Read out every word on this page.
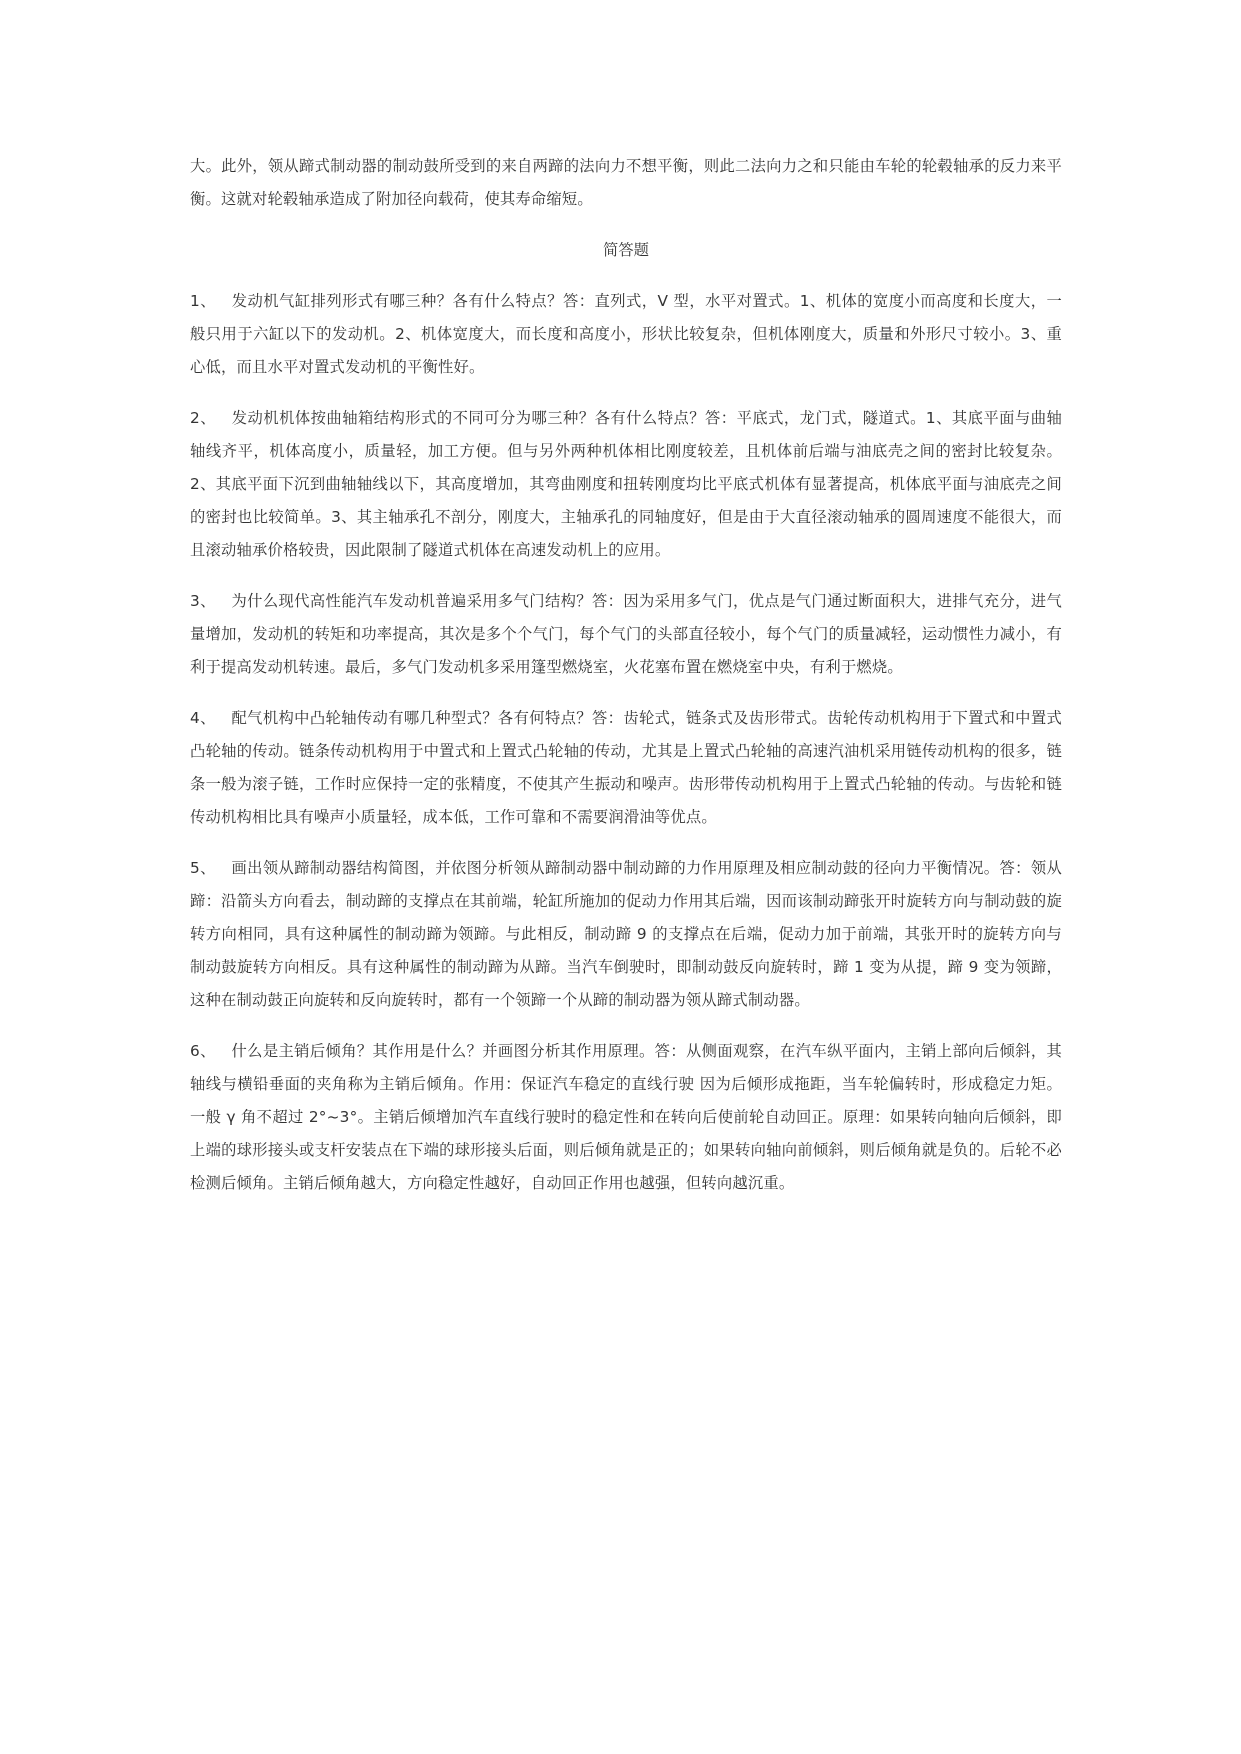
大。此外，领从蹄式制动器的制动鼓所受到的来自两蹄的法向力不想平衡，则此二法向力之和只能由车轮的轮毂轴承的反力来平衡。这就对轮毂轴承造成了附加径向载荷，使其寿命缩短。

简答题

1、  发动机气缸排列形式有哪三种？各有什么特点？答：直列式，V 型，水平对置式。1、机体的宽度小而高度和长度大，一般只用于六缸以下的发动机。2、机体宽度大，而长度和高度小，形状比较复杂，但机体刚度大，质量和外形尺寸较小。3、重心低，而且水平对置式发动机的平衡性好。

2、  发动机机体按曲轴箱结构形式的不同可分为哪三种？各有什么特点？答：平底式，龙门式，隧道式。1、其底平面与曲轴轴线齐平，机体高度小，质量轻，加工方便。但与另外两种机体相比刚度较差，且机体前后端与油底壳之间的密封比较复杂。2、其底平面下沉到曲轴轴线以下，其高度增加，其弯曲刚度和扭转刚度均比平底式机体有显著提高，机体底平面与油底壳之间的密封也比较简单。3、其主轴承孔不剖分，刚度大，主轴承孔的同轴度好，但是由于大直径滚动轴承的圆周速度不能很大，而且滚动轴承价格较贵，因此限制了隧道式机体在高速发动机上的应用。

3、  为什么现代高性能汽车发动机普遍采用多气门结构？答：因为采用多气门，优点是气门通过断面积大，进排气充分，进气量增加，发动机的转矩和功率提高，其次是多个个气门，每个气门的头部直径较小，每个气门的质量减轻，运动惯性力减小，有利于提高发动机转速。最后，多气门发动机多采用篷型燃烧室，火花塞布置在燃烧室中央，有利于燃烧。

4、  配气机构中凸轮轴传动有哪几种型式？各有何特点？答：齿轮式，链条式及齿形带式。齿轮传动机构用于下置式和中置式凸轮轴的传动。链条传动机构用于中置式和上置式凸轮轴的传动，尤其是上置式凸轮轴的高速汽油机采用链传动机构的很多，链条一般为滚子链，工作时应保持一定的张精度，不使其产生振动和噪声。齿形带传动机构用于上置式凸轮轴的传动。与齿轮和链传动机构相比具有噪声小质量轻，成本低，工作可靠和不需要润滑油等优点。

5、  画出领从蹄制动器结构简图，并依图分析领从蹄制动器中制动蹄的力作用原理及相应制动鼓的径向力平衡情况。答：领从蹄：沿箭头方向看去，制动蹄的支撑点在其前端，轮缸所施加的促动力作用其后端，因而该制动蹄张开时旋转方向与制动鼓的旋转方向相同，具有这种属性的制动蹄为领蹄。与此相反，制动蹄 9 的支撑点在后端，促动力加于前端，其张开时的旋转方向与制动鼓旋转方向相反。具有这种属性的制动蹄为从蹄。当汽车倒驶时，即制动鼓反向旋转时，蹄 1 变为从提，蹄 9 变为领蹄，这种在制动鼓正向旋转和反向旋转时，都有一个领蹄一个从蹄的制动器为领从蹄式制动器。

6、  什么是主销后倾角？其作用是什么？并画图分析其作用原理。答：从侧面观察，在汽车纵平面内，主销上部向后倾斜，其轴线与横铅垂面的夹角称为主销后倾角。作用：保证汽车稳定的直线行驶 因为后倾形成拖距，当车轮偏转时，形成稳定力矩。一般 γ 角不超过 2°~3°。主销后倾增加汽车直线行驶时的稳定性和在转向后使前轮自动回正。原理：如果转向轴向后倾斜，即上端的球形接头或支杆安装点在下端的球形接头后面，则后倾角就是正的；如果转向轴向前倾斜，则后倾角就是负的。后轮不必检测后倾角。主销后倾角越大，方向稳定性越好，自动回正作用也越强，但转向越沉重。
